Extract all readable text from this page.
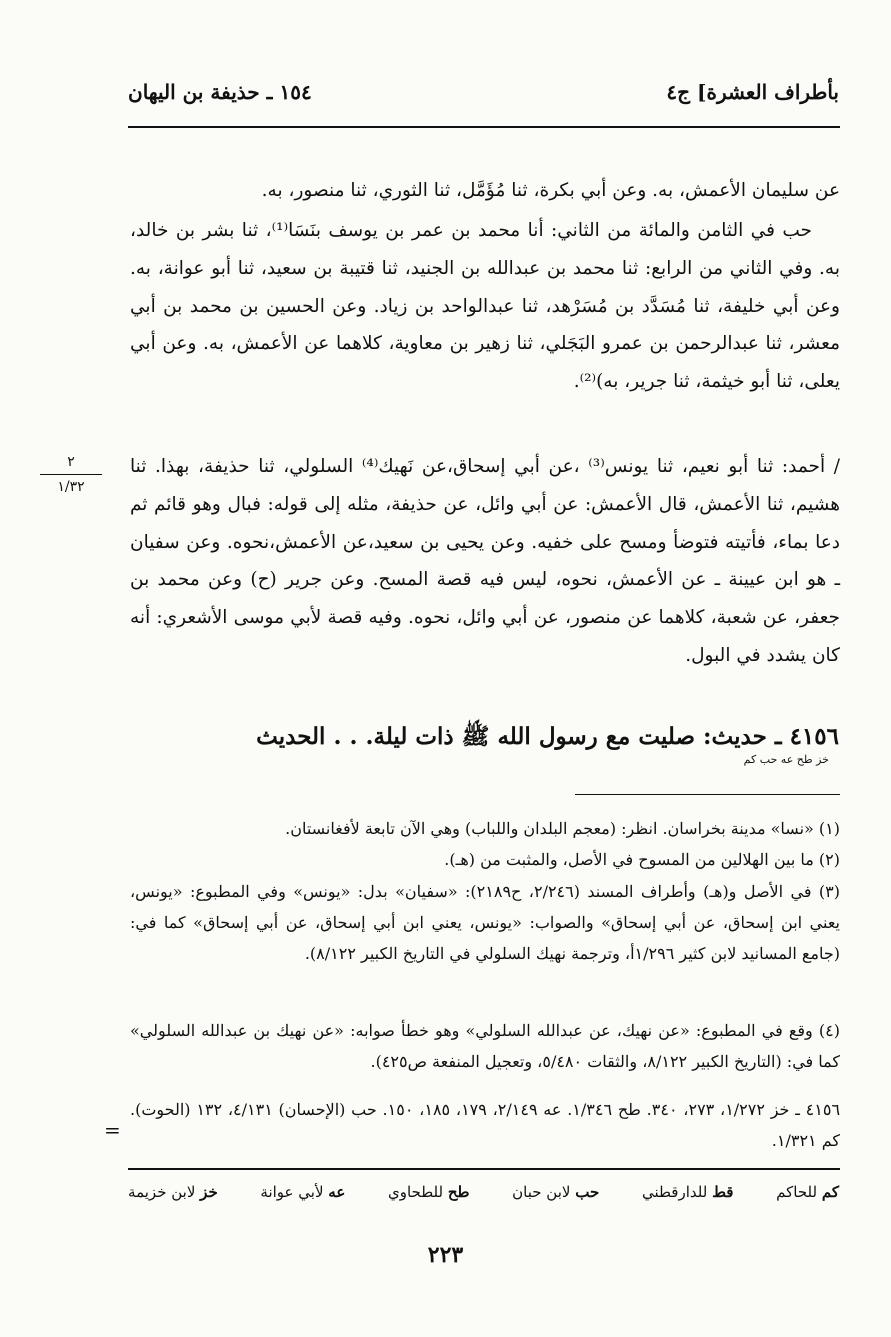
بأطراف العشرة] ج٤
١٥٤ ـ حذيفة بن اليهان

عن سليمان الأعمش، به. وعن أبي بكرة، ثنا مُؤَمَّل، ثنا الثوري، ثنا منصور، به.

حب في الثامن والمائة من الثاني: أنا محمد بن عمر بن يوسف بنَسَا⁽¹⁾، ثنا بشر بن خالد، به. وفي الثاني من الرابع: ثنا محمد بن عبدالله بن الجنيد، ثنا قتيبة بن سعيد، ثنا أبو عوانة، به. وعن أبي خليفة، ثنا مُسَدَّد بن مُسَرْهد، ثنا عبدالواحد بن زياد. وعن الحسين بن محمد بن أبي معشر، ثنا عبدالرحمن بن عمرو البَجَلي، ثنا زهير بن معاوية، كلاهما عن الأعمش، به. وعن أبي يعلى، ثنا أبو خيثمة، ثنا جرير، به)⁽²⁾.

/ أحمد: ثنا أبو نعيم، ثنا يونس⁽³⁾ ،عن أبي إسحاق،عن نَهيك⁽⁴⁾ السلولي، ثنا حذيفة، بهذا. ثنا هشيم، ثنا الأعمش، قال الأعمش: عن أبي وائل، عن حذيفة، مثله إلى قوله: فبال وهو قائم ثم دعا بماء، فأتيته فتوضأ ومسح على خفيه. وعن يحيى بن سعيد،عن الأعمش،نحوه. وعن سفيان ـ هو ابن عيينة ـ عن الأعمش، نحوه، ليس فيه قصة المسح. وعن جرير (ح) وعن محمد بن جعفر، عن شعبة، كلاهما عن منصور، عن أبي وائل، نحوه. وفيه قصة لأبي موسى الأشعري: أنه كان يشدد في البول.

٢
١/٣٢
٤١٥٦ ـ حديث: صليت مع رسول الله ﷺ ذات ليلة. . . الحديث
خز طح عه حب كم

(١) «نسا» مدينة بخراسان. انظر: (معجم البلدان واللباب) وهي الآن تابعة لأفغانستان.

(٢) ما بين الهلالين من المسوح في الأصل، والمثبت من (هـ).

(٣) في الأصل و(هـ) وأطراف المسند (٢/٢٤٦، ح٢١٨٩): «سفيان» بدل: «يونس» وفي المطبوع: «يونس، يعني ابن إسحاق، عن أبي إسحاق» والصواب: «يونس، يعني ابن أبي إسحاق، عن أبي إسحاق» كما في: (جامع المسانيد لابن كثير ١/٢٩٦أ، وترجمة نهيك السلولي في التاريخ الكبير ٨/١٢٢).

(٤) وقع في المطبوع: «عن نهيك، عن عبدالله السلولي» وهو خطأ صوابه: «عن نهيك بن عبدالله السلولي» كما في: (التاريخ الكبير ٨/١٢٢، والثقات ٥/٤٨٠، وتعجيل المنفعة ص٤٢٥).

٤١٥٦ ـ خز ١/٢٧٢، ٢٧٣، ٣٤٠. طح ١/٣٤٦. عه ٢/١٤٩، ١٧٩، ١٨٥، ١٥٠. حب (الإحسان) ٤/١٣١، ١٣٢ (الحوت). كم ١/٣٢١.

=
خز لابن خزيمة	عه لأبي عوانة	طح للطحاوي	حب لابن حبان	قط للدارقطني	كم للحاكم
٢٢٣
